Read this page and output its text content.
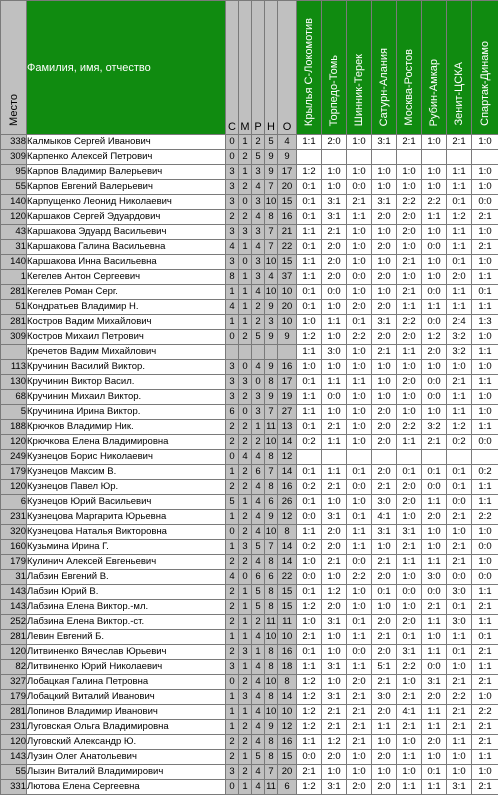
Место	Фамилия, имя, отчество	С	М	Р	Н	О	Крылья С-Локомотив	Торпедо-Томь	Шинник-Терек	Сатурн-Алания	Москва-Ростов	Рубин-Амкар	Зенит-ЦСКА	Спартак-Динамо
338	Калмыков Сергей Иванович	0	1	2	5	4	1:1	2:0	1:0	3:1	2:1	1:0	2:1	1:0
309	Карпенко Алексей Петрович	0	2	5	9	9								
95	Карпов Владимир Валерьевич	3	1	3	9	17	1:2	1:0	1:0	1:0	1:0	1:0	1:1	1:0
55	Карпов Евгений Валерьевич	3	2	4	7	20	0:1	1:0	0:0	1:0	1:0	1:0	1:1	1:0
140	Карпущенко Леонид Николаевич	3	0	3	10	15	0:1	3:1	2:1	3:1	2:2	2:2	0:1	0:0
120	Каршаков Сергей Эдуардович	2	2	4	8	16	0:1	3:1	1:1	2:0	2:0	1:1	1:2	2:1
43	Каршакова Эдуард Васильевич	3	3	3	7	21	1:1	2:1	1:0	1:0	2:0	1:0	1:1	1:0
31	Каршакова Галина Васильевна	4	1	4	7	22	0:1	2:0	1:0	2:0	1:0	0:0	1:1	2:1
140	Каршакова Инна Васильевна	3	0	3	10	15	1:1	2:0	1:0	1:0	2:1	1:0	0:1	1:0
1	Кегелев Антон Сергеевич	8	1	3	4	37	1:1	2:0	0:0	2:0	1:0	1:0	2:0	1:1
281	Кегелев Роман Серг.	1	1	4	10	10	0:1	0:0	1:0	1:0	2:1	0:0	1:1	0:1
51	Кондратьев Владимир Н.	4	1	2	9	20	0:1	1:0	2:0	2:0	1:1	1:1	1:1	1:1
281	Костров Вадим Михайлович	1	1	2	3	10	1:0	1:1	0:1	3:1	2:2	0:0	2:4	1:3
309	Костров Михаил Петрович	0	2	5	9	9	1:2	1:0	2:2	2:0	2:0	1:2	3:2	1:0
	Кречетов Вадим Михайлович						1:1	3:0	1:0	2:1	1:1	2:0	3:2	1:1
113	Кручинин Василий Виктор.	3	0	4	9	16	1:0	1:0	1:0	1:0	1:0	1:0	1:0	1:0
130	Кручинин Виктор Васил.	3	3	0	8	17	0:1	1:1	1:1	1:0	2:0	0:0	2:1	1:1
68	Кручинин Михаил Виктор.	3	2	3	9	19	1:1	0:0	1:0	1:0	1:0	0:0	1:1	1:0
5	Кручинина Ирина Виктор.	6	0	3	7	27	1:1	1:0	1:0	2:0	1:0	1:0	1:1	1:0
188	Крючков Владимир Ник.	2	2	1	11	13	0:1	2:1	1:0	2:0	2:2	3:2	1:2	1:1
120	Крючкова Елена Владимировна	2	2	2	10	14	0:2	1:1	1:0	2:0	1:1	2:1	0:2	0:0
249	Кузнецов Борис Николаевич	0	4	4	8	12								
179	Кузнецов Максим В.	1	2	6	7	14	0:1	1:1	0:1	2:0	0:1	0:1	0:1	0:2
120	Кузнецов Павел Юр.	2	2	4	8	16	0:2	2:1	0:0	2:1	2:0	0:0	0:1	1:1
6	Кузнецов Юрий Васильевич	5	1	4	6	26	0:1	1:0	1:0	3:0	2:0	1:1	0:0	1:1
231	Кузнецова Маргарита Юрьевна	1	2	4	9	12	0:0	3:1	0:1	4:1	1:0	2:0	2:1	2:2
320	Кузнецова Наталья Викторовна	0	2	4	10	8	1:1	2:0	1:1	3:1	3:1	1:0	1:0	1:0
160	Кузьмина Ирина Г.	1	3	5	7	14	0:2	2:0	1:1	1:0	2:1	1:0	2:1	0:0
179	Кулинич Алексей Евгеньевич	2	2	4	8	14	1:0	2:1	0:0	2:1	1:1	1:1	2:1	1:0
31	Лабзин Евгений В.	4	0	6	6	22	0:0	1:0	2:2	2:0	1:0	3:0	0:0	0:0
143	Лабзин Юрий В.	2	1	5	8	15	0:1	1:2	1:0	0:1	0:0	0:0	3:0	1:1
143	Лабзина Елена Виктор.-мл.	2	1	5	8	15	1:2	2:0	1:0	1:0	1:0	2:1	0:1	2:1
252	Лабзина Елена Виктор.-ст.	2	1	2	11	11	1:0	3:1	0:1	2:0	2:0	1:1	3:0	1:1
281	Левин Евгений Б.	1	1	4	10	10	2:1	1:0	1:1	2:1	0:1	1:0	1:1	0:1
120	Литвиненко Вячеслав Юрьевич	2	3	1	8	16	0:1	1:0	0:0	2:0	3:1	1:1	0:1	2:1
82	Литвиненко Юрий Николаевич	3	1	4	8	18	1:1	3:1	1:1	5:1	2:2	0:0	1:0	1:1
327	Лобацкая Галина Петровна	0	2	4	10	8	1:2	1:0	2:0	2:1	1:0	3:1	2:1	2:1
179	Лобацкий Виталий Иванович	1	3	4	8	14	1:2	3:1	2:1	3:0	2:1	2:0	2:2	1:0
281	Лопинов Владимир Иванович	1	1	4	10	10	1:2	2:1	2:1	2:0	4:1	1:1	2:1	2:2
231	Луговская Ольга Владимировна	1	2	4	9	12	1:2	2:1	2:1	1:1	2:1	1:1	2:1	2:1
120	Луговский Александр Ю.	2	2	4	8	16	1:1	1:2	2:1	1:0	1:0	2:0	1:1	2:1
143	Лузин Олег Анатольевич	2	1	5	8	15	0:0	2:0	1:0	2:0	1:1	1:0	1:0	1:1
55	Лызин Виталий Владимирович	3	2	4	7	20	2:1	1:0	1:0	1:0	1:0	0:1	1:0	1:0
331	Лютова Елена Сергеевна	0	1	4	11	6	1:2	3:1	2:0	2:0	1:1	1:1	3:1	2:1
